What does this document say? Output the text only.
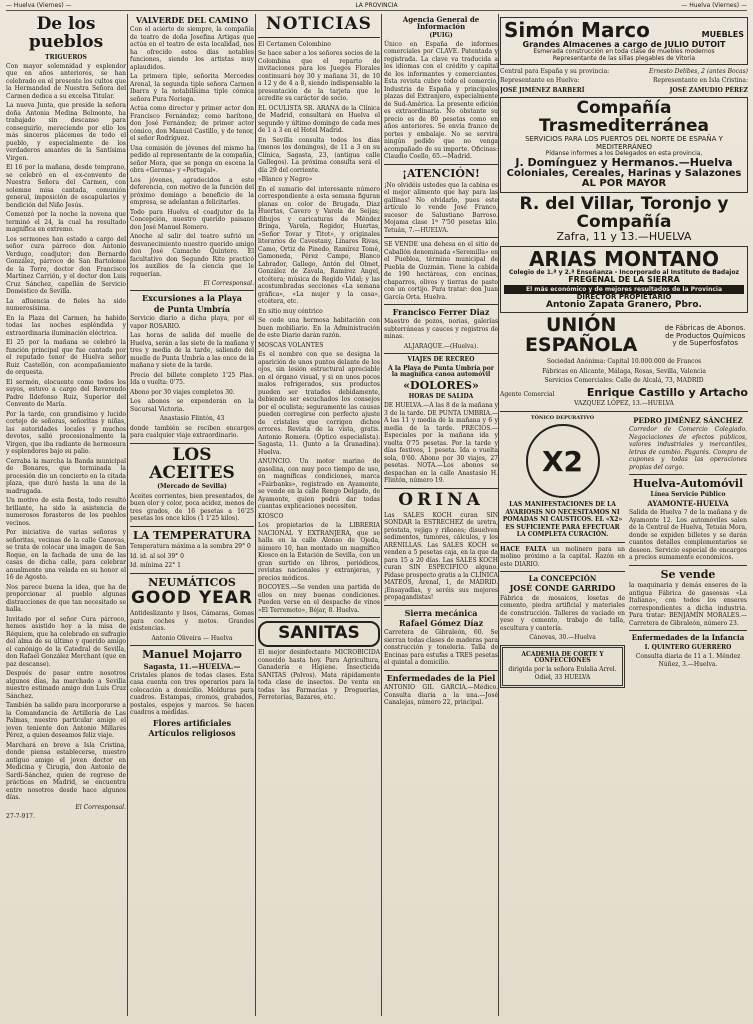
— Huelva (Viernes) —	LA PROVINCIA	— Huelva (Viernes) —
De los pueblos
TRIGUEROS
Con mayor solemnidad y esplendor que en años anteriores, se han celebrado en el presente los cultos que la Hermandad de Nuestra Señora del Carmen dedica a su excelsa Titular.
La nueva Junta, que preside la señora doña Antonia Medina Belmonte, ha trabajado sin descanso para conseguirlo, mereciendo por ello los más sinceros plácemes de todo el pueblo, y especialmente de los verdaderos amantes de la Santísima Virgen.
El 16 por la mañana, desde temprano, se celebró en el ex-convento de Nuestra Señora del Carmen, con solemne misa cantada, comunión general, imposición de escapularios y bendición del Niño Jesús.
Comenzó por la noche la novena que terminó el 24, la cual ha resultado magnífica en extremo.
Los sermones han estado a cargo del señor cura párroco don Antonio Verdugo, coadjutor; don Bernardo González, párroco de San Bartolomé de la Torre, doctor don Francisco Martínez Carrión, y el doctor don Luis Cruz Sánchez, capellán de Servicio Doméstico de Sevilla.
La afluencia de fieles ha sido numerosísima.
En la Plaza del Carmen, ha habido todas las noches espléndida y extraordinaria iluminación eléctrica.
El 25 por la mañana se celebró la función principal que fue cantada por el reputado tenor de Huelva señor Ruiz Castellón, con acompañamiento de orquesta.
El sermón, elocuente como todos los suyos, estuvo a cargo del Reverendo Padre Ildefonso Ruiz, Superior del Convento de María.
Por la tarde, con grandísimo y lucido cortejo de señoras, señoritas y niñas, las autoridades locales y muchos devotos, salió procesionalmente la Virgen, que iba radiante de hermosura y esplendores bajo su palio.
Cerraba la marcha la Banda municipal de Bonares, que terminada la procesión dio un concierto en la citada plaza, que duró hasta la una de la madrugada.
Un motivo de esta fiesta, todo resultó brillante, ha sido la asistencia de numerosos forasteros de los pueblos vecinos.
Por iniciativa de varias señoras y señoritas, vecinas de la calle Canovas, se trata de colocar una imagen de San Roque, en la fachada de una de las casas de dicha calle, para celebrar anualmente una velada en su honor el 16 de Agosto.
Nos parece buena la idea, que ha de proporcionar al pueblo algunas distracciones de que tan necesitado se halla.
Invitado por el señor Cura párroco, hemos asistido hoy a la misa de Réquiem, que ha celebrado en sufragio del alma de su último y querido amigo el canónigo de la Catedral de Sevilla, don Rafael González Merchant (que en paz descanse).
Después de pasar entre nosotros algunos días, ha marchado a Sevilla nuestro estimado amigo don Luis Cruz Sánchez.
También ha salido para incorporarse a la Comandancia de Artillería de Las Palmas, nuestro particular amigo el joven teniente don Antonio Millares Pérez, a quien deseamos feliz viaje.
Marchará en breve a Isla Cristina, donde piensa establecerse, nuestro antiguo amigo el joven doctor en Medicina y Cirugía, don Antonio de Sardi-Sánchez, quien de regreso de prácticas en Madrid, se encuentra entre nosotros desde hace algunos días.
El Corresponsal.
27-7-917.
VALVERDE DEL CAMINO
Con el acierto de siempre, la compañía de teatro de doña Josefina Artigas que actúa en el teatro de esta localidad, nos ha ofrecido estos días notables funciones, siendo los artistas muy aplaudidos.
La primera tiple, señorita Mercedes Arenal, la segunda tiple señora Carmen Ibarra y la notabilísima tiple cómica señora Pura Noriega.
Actúa como director y primer actor don Francisco Fernández; como barítono, don José Fernández; de primer actor cómico, don Manuel Castillo, y de tenor, el señor Rodríguez.
Una comisión de jóvenes del mismo ha pedido al representante de la compañía, señor Mora, que se ponga en escena la obra «Gerona» y «Portugal».
Los jóvenes, agradecidos a este deferencia, con motivo de la función del próximo domingo a beneficio de la empresa, se adelantan a felicitarles.
Todo para Huelva el coadjutor de la Concepción, nuestro querido paisano don José Manuel Romero.
Anoche al salir del teatro sufrió un desvanecimiento nuestro querido amigo don José Camacho Quintero. El facultativo don Segundo Rite practicó los auxilios de la ciencia que le requerían.
El Corresponsal.
Excursiones a la Playa
de Punta Umbría
Servicio diario a dicha playa, por el vapor ROSARIO.
Las horas de salida del muelle de Huelva, serán a las siete de la mañana y tres y media de la tarde, saliendo del muelle de Punta Umbría a las once de la mañana y siete de la tarde.
Precio del billete completo 1'25 Plas. Ida o vuelta: 0'75.
Abono por 30 viajes completos 30.
Los abonos se expenderán en la Sucursal Victoria.
Anastasio Flintón, 43
donde también se reciben encargos para cualquier viaje extraordinario.
LOS ACEITES
(Mercado de Sevilla)
Aceites corrientes, bien presentados, de buen olor y color, poca acidez, menos de tres grados, de 16 pesetas a 16'25 pesetas los once kilos (1 1'25 kilos).
LA TEMPERATURA
Temperatura máxima a la sombra 29° 0
Id. id. al sol 39° 0
Id. mínima 22° 1
NEUMÁTICOS
GOOD YEAR
Antideslizante y lisos, Cámaras, Gomas para coches y motos. Grandes existencias.
Antonio Oliveira — Huelva
Manuel Mojarro
Sagasta, 11.—HUELVA.—
Cristales planos de todas clases. Esta casa cuenta con tres operarios para la colocación a domicilio. Molduras para cuadros. Estampas, cromos, grabados, postales, espejos y marcos. Se hacen cuadros a medidas.
Flores artificiales
Artículos religiosos
NOTICIAS
El Certamen Colombino
Se hace saber a los señores socios de la Colombina que el reparto de invitaciones para los Juegos Florales continuará hoy 30 y mañana 31, de 10 a 12 y de 4 a 8, siendo indispensable la presentación de la tarjeta que le acredite su carácter de socio.
EL OCULISTA SR. ARANA de la Clínica de Madrid, consultará en Huelva el segundo y último domingo de cada mes de 1 a 3 en el Hotel Madrid.
En Sevilla consulta todos los días (menos los domingos), de 11 a 3 en su Clínica, Sagasta, 23, (antigua calle Gallegos). La próxima consulta será el día 29 del corriente.
«Blanco y Negro»
En el sumario del interesante número correspondiente a esta semana figuran planas en color de Brugada, Diaz Huertas, Cavero y Varela de Seijas; dibujos y caricaturas de Méndez Bringa, Varela, Regidor, Huertas, «Señor Tovar y Titot», y originales literarios de Cavestany, Linares Rivas, Camo, Ortiz de Pinedo, Ramírez Tomé, Gamoneda, Pérez Campo, Blanco Labrador, Gallego, Antón del Olmet, González de Zavala, Ramírez Angel, etcétera; música de Regido Vidal; y las acostumbradas secciones «La semana gráfica», «La mujer y la casa», etcétera, etc.
En sitio muy céntrico
Se cede una hermosa habitación con buen mobiliario. En la Administración de este Diario darán razón.
MOSCAS VOLANTES
Es el nombre con que se designa la aparición de unos puntos delante de los ojos, sin lesión estructural apreciable en el órgano visual, y si en unos pocos malos refrigerados, sus productos pueden ser tratados debidamente, debiendo ser escuchados los consejos por el oculista; seguramente las causas pueden corregirse con perfecto ajuste de cristales que corrigen dichos errores. Revista de la vista, gratis. Antonio Romera. (Óptico especialista). Sagasta, 11. (Junto a la Granadina). Huelva.
ANUNCIO. Un motor marino de gasolina, con muy poco tiempo de uso, en magníficas condiciones, marca «Fairbanks», registrado en Ayamonte, se vende en la calle Rengo Delgado, de Ayamonte, quien podrá dar todas cuantas explicaciones necesiten.
KIOSCO
Los propietarios de la LIBRERIA NACIONAL Y EXTRANJERA, que se halla en la calle Alonso de Ojeda, número 10, han montado un magnífico Kiosco en la Estación de Sevilla, con un gran surtido en libros, periódicos, revistas nacionales y extranjeras, y precios módicos.
BOCOYES.—Se venden una partida de ellos en muy buenas condiciones. Pueden verse en el despacho de vinos «El Terremoto», Béjar, 8. Huelva.
SANITAS
El mejor desinfectante MICROBICIDA conocido hasta hoy. Para Agricultura, Ganadería e Higiene. Insecticida SANITAS (Polvos). Mata rápidamente toda clase de insectos. De venta en todas las Farmacias y Droguerías, Ferreterías, Bazares, etc.
Agencia General de Información
(PUIG)
Único en España de informes comerciales por CLAVE. Patentada y registrada. La clave va traducida a los idiomas con el crédito y capital de los informantes y comerciantes. Esta revista cubre todo el comercio, Industria de España y principales plazas del Extranjero, especialmente de Sud-América. La presente edición es extraordinaria. No obstante su precio es de 80 pesetas como en años anteriores. Se envía franco de portes y embalaje. No se servirá ningún pedido que no venga acompañado de su importe. Oficinas: Claudio Coello, 65.—Madrid.
¡ATENCIÓN!
¡No olvidéis ustedes que la cabina es el mejor alimento que hay para las gallinas! No olvidarlo, pues este artículo lo vende José Franco, sucesor de Salustiano Barroso. Mojama clase 1ª 7'50 pesetas kilo. Tetuán, 7.—HUELVA.
SE VENDE una dehesa en el sitio de Caballón denominada «Seremilla» en el Puebloa, término municipal de Puebla de Guzmán. Tiene la cabida de 190 hectáreas, con encinas, chaparros, olivos y tierras de pasto con un cortijo. Para tratar: don Juan García Orta. Huelva.
Francisco Ferrer Diaz
Maestro de pozos, norias, galerías subterráneas y cauces y registros de minas.
ALJARAQUE.—(Huelva).
VIAJES DE RECREO
A la Playa de Punta Umbría por la magnífica canoa automóvil
«DOLORES»
HORAS DE SALIDA
DE HUELVA.—A las 8 de la mañana y 3 de la tarde. DE PUNTA UMBRIA.—A las 11 y media de la mañana y 6 y media de la tarde. PRECIOS.—Especiales por la mañana ida y vuelta 0'75 pesetas. Por la tarde y días festivos, 1 peseta. Ida o vuelta sola, 0'60. Abono por 30 viajes, 27 pesetas. NOTA.—Los abonos se despachan en la calle Anastasio H. Flintón, número 19.
ORINA
Las SALES KOCH curan SIN SONDAR la ESTRECHEZ de uretra, próstata, vejiga y riñones; disuelven sedimentos, tumores, cálculos, y los ARENILLAS. Las SALES KOCH se venden a 5 pesetas caja, en la que da para 15 a 20 días. Las SALES KOCH curan SIN ESPECIFICO alguno. Pídase prospecto gratis a la CLÍNICA MATEOS, Arenal, 1, de MADRID. ¡Ensayadlas, y seréis sus mejores propagandistas!
Sierra mecánica
Rafael Gómez Díaz
Carretera de Gibraleón, 60. Se sierran todas clases de maderas para construcción y toneleria. Talla de Encinas para estufas a TRES pesetas el quintal a domicilio.
Enfermedades de la Piel
ANTONIO GIL GARCIA.—Médico. Consulta diaria a la una.—José Canalejas, número 22, principal.
Simón Marco	MUEBLES
Grandes Almacenes a cargo de JULIO DUTOIT
Esmerada construcción en toda clase de muebles modernos
Representante de las sillas plegables de Vitoria
Central para España y su provincia:	Ernesto Delibes, 2 (antes Bocas)
Representante en Huelva:	Representante en Isla Cristina:
JOSÉ JIMÉNEZ BARBERÍ	JOSÉ ZAMUDIO PÉREZ
Compañía Trasmediterránea
SERVICIOS PARA LOS PUERTOS DEL NORTE DE ESPAÑA Y MEDITERRÁNEO
Pídanse informes a los Delegados en esta provincia,
J. Domínguez y Hermanos.—Huelva
Coloniales, Cereales, Harinas y Salazones
AL POR MAYOR
R. del Villar, Toronjo y Compañía
Zafra, 11 y 13.—HUELVA
ARIAS MONTANO
Colegio de 1.ª y 2.ª Enseñanza - Incorporado al Instituto de Badajoz
FREGENAL DE LA SIERRA
El más económico y de mejores resultados de la Provincia
DIRECTOR PROPIETARIO
Antonio Zapata Granero, Pbro.
UNIÓN ESPAÑOLA
de Fábricas de Abonos. de Productos Químicos y de Superfosfatos
Sociedad Anónima: Capital 10.000.000 de Francos
Fábricas en Alicante, Málaga, Rosas, Sevilla, Valencia
Servicios Comerciales: Calle de Alcalá, 73, MADRID
Agente Comercial	Enrique Castillo y Artacho
VAZQUEZ LÓPEZ, 13.—HUELVA
TÓNICO DEPURATIVO
X2
LAS MANIFESTACIONES DE LA AVARIOSIS NO NECESITAMOS NI POMADAS NI CAUSTICOS. EL «X2» ES SUFICIENTE PARA EFECTUAR LA COMPLETA CURACIÓN.
HACE FALTA un molinero para un molino próximo a la capital. Razón en este DIARIO.
La CONCEPCIÓN
JOSÉ CONDE GARRIDO
Fábrica de mosaicos, losetas de cemento, piedra artificial y materiales de construcción. Talleres de vaciado en yeso y cemento, trabajo de talla, escultura y cantería.
Cánovas, 30.—Huelva
ACADEMIA DE CORTE Y CONFECCIONES
dirigida por la señora Eulalia Arrel. Odiel, 33 HUELVA
PEDRO JIMÉNEZ SÁNCHEZ
Corredor de Comercio Colegiado. Negociaciones de efectos públicos, valores industriales y mercantiles, letras de cambio. Pagarés. Compra de cupones y todas las operaciones propias del cargo.
Huelva-Automóvil
Línea Servicio Público
AYAMONTE-HUELVA
Salida de Huelva 7 de la mañana y de Ayamonte 12. Los automóviles salen de la Central de Huelva, Tetuán Mora, donde se expiden billetes y se darán cuantos detalles complementarios se deseen. Servicio especial de encargos a precios sumamente económicos.
Se vende
la maquinaria y demás enseres de la antigua Fábrica de gaseosas «La Italiana», con todos los enseres correspondientes a dicha industria. Para tratar: BENJAMÍN MORALES.—Carretera de Gibraleón, número 23.
Enfermedades de la Infancia
I. QUINTERO GUERRERO
Consulta diaria de 11 a 1. Méndez Núñez, 3.—Huelva.
